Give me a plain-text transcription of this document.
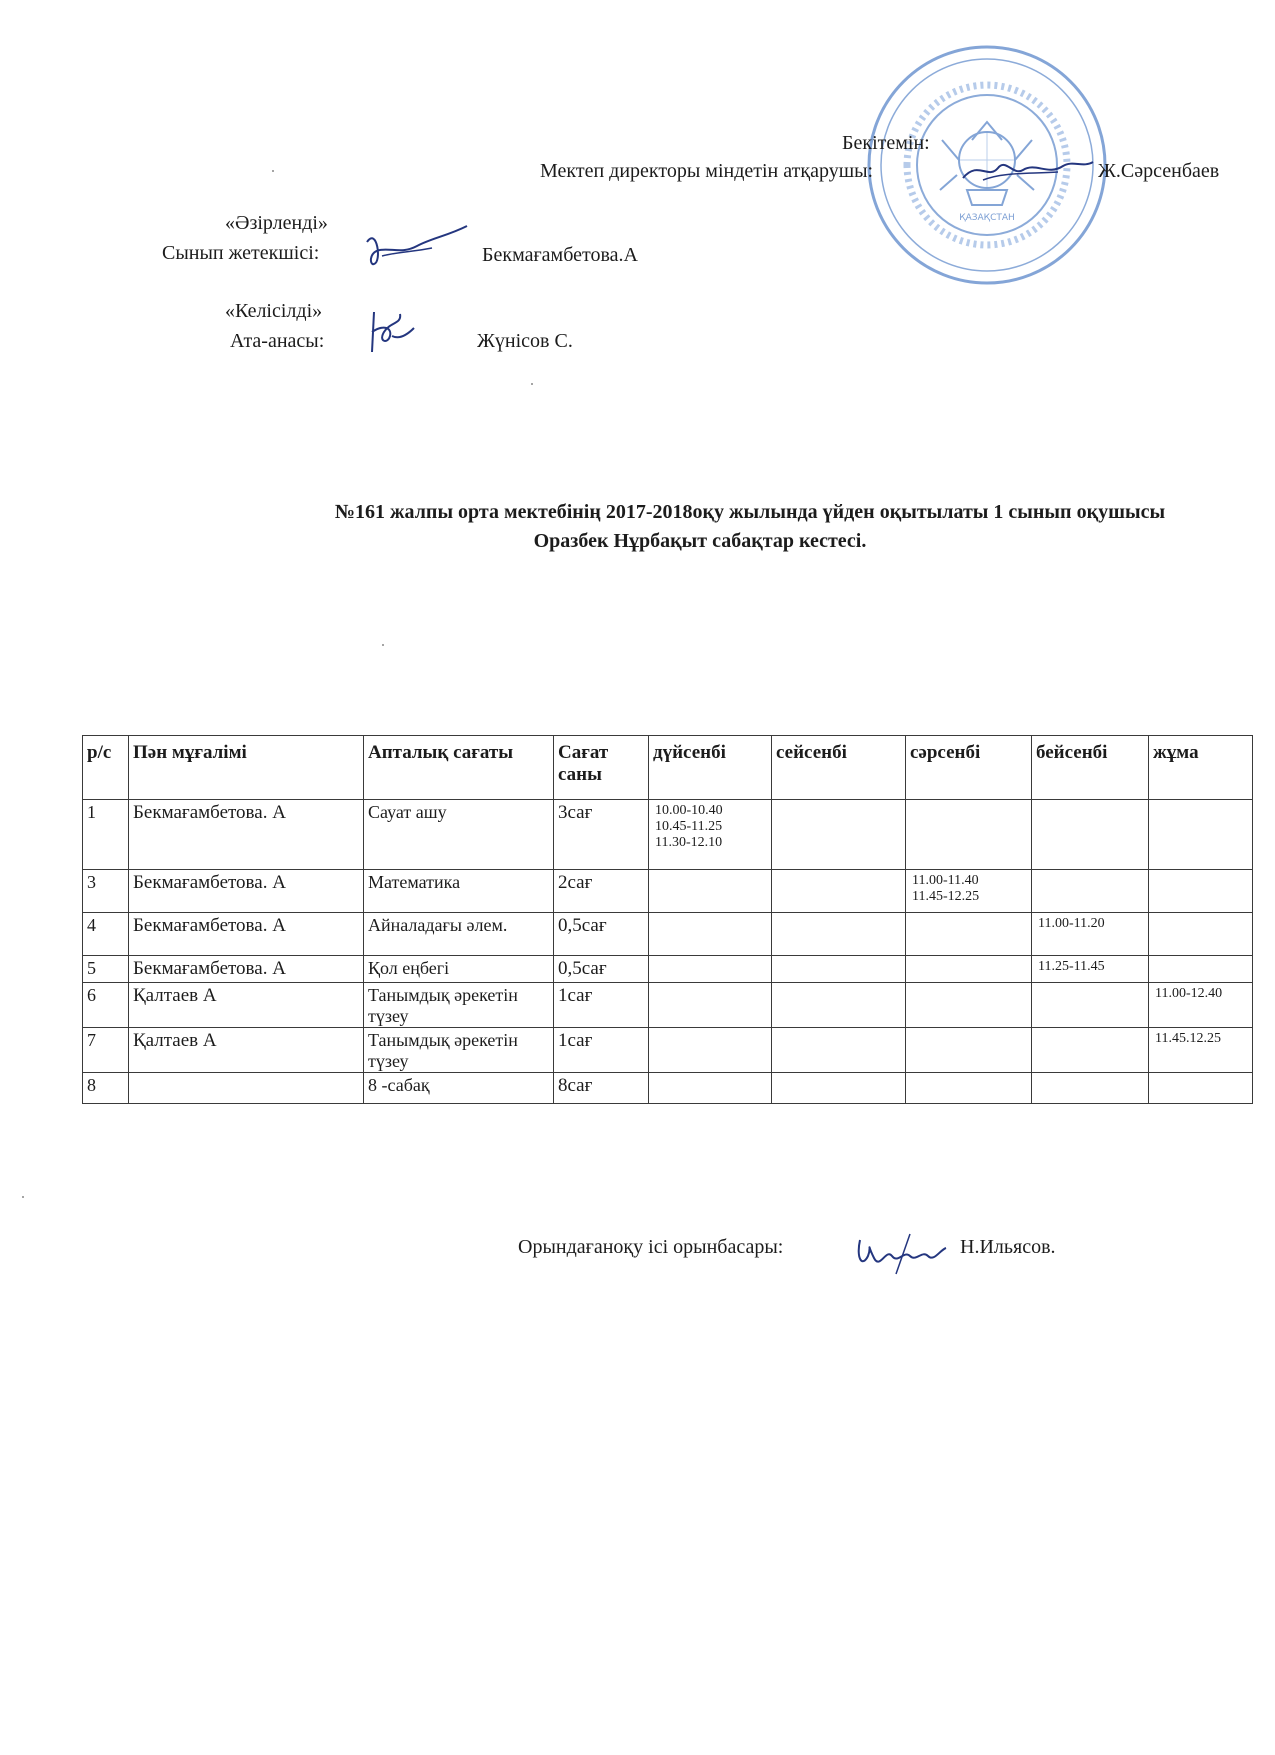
ҚАЗАҚСТАН
Бекітемін:
Мектеп директоры міндетін атқарушы:	Ж.Сәрсенбаев
«Әзірленді»
Сынып жетекшісі:	Бекмағамбетова.А
«Келісілді»
Ата-анасы:	Жүнісов С.
№161 жалпы орта мектебінің 2017-2018оқу жылында үйден оқытылаты 1 сынып оқушысы
Оразбек Нұрбақыт сабақтар кестесі.
р/с	Пән мұғалімі	Апталық сағаты	Сағат саны	дүйсенбі	сейсенбі	сәрсенбі	бейсенбі	жұма
1	Бекмағамбетова. А	Сауат ашу	3сағ	10.00-10.40
10.45-11.25
11.30-12.10				
3	Бекмағамбетова. А	Математика	2сағ			11.00-11.40
11.45-12.25		
4	Бекмағамбетова. А	Айналадағы әлем.	0,5сағ				11.00-11.20	
5	Бекмағамбетова. А	Қол еңбегі	0,5сағ				11.25-11.45	
6	Қалтаев А	Танымдық әрекетін түзеу	1сағ					11.00-12.40
7	Қалтаев А	Танымдық әрекетін түзеу	1сағ					11.45.12.25
8		8 -сабақ	8сағ					
Орындағаноқу ісі орынбасары:	Н.Ильясов.
